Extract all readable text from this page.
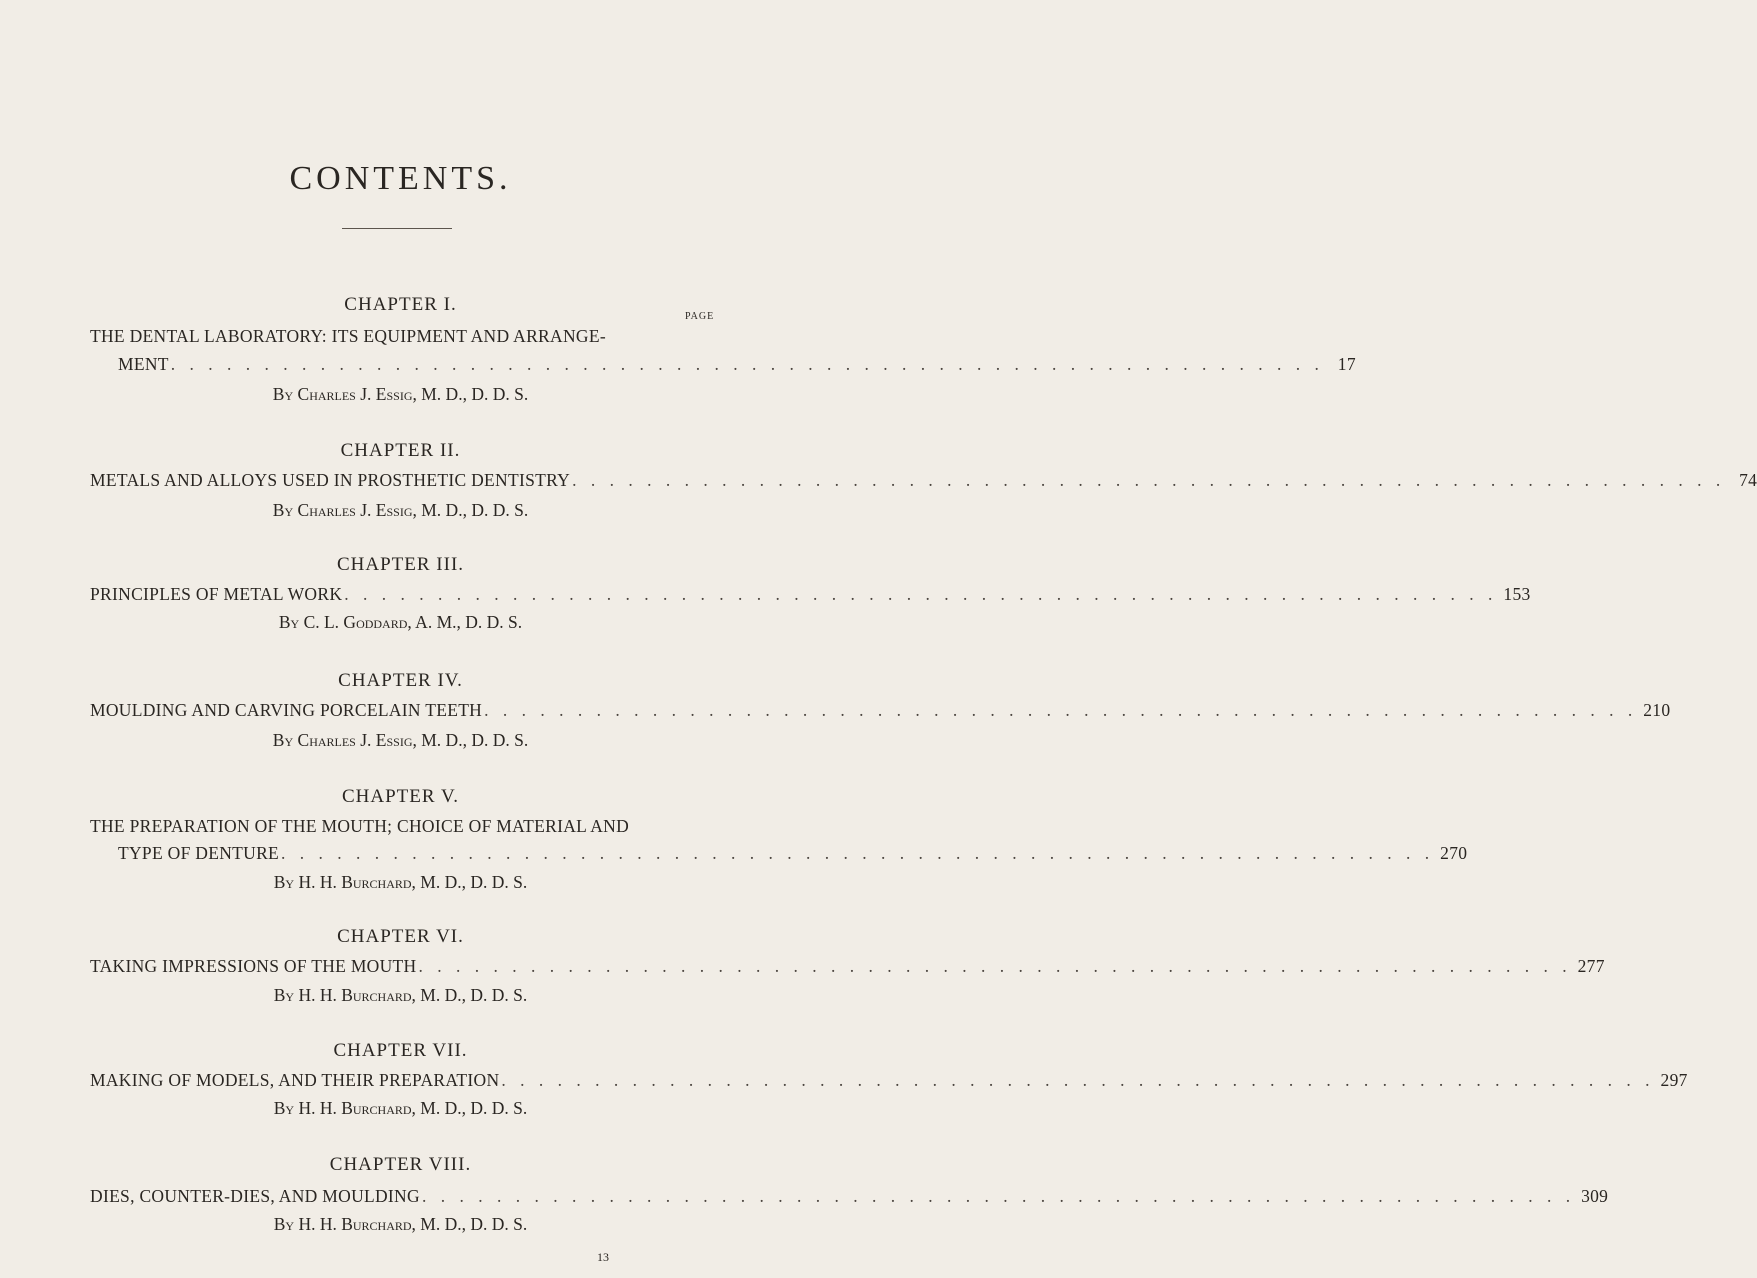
CONTENTS.
PAGE
CHAPTER I.
THE DENTAL LABORATORY: ITS EQUIPMENT AND ARRANGE-
MENT . . . . . . . . . . . . . . . . . . . . . . . . . . . . . . . . . . . . . . . . . . . . . . . . . . . . . . . . . . . . . . 17
By Charles J. Essig, M. D., D. D. S.
CHAPTER II.
METALS AND ALLOYS USED IN PROSTHETIC DENTISTRY . . . . . . . . . . . . . . . . . . . . . . . . . . . . . . . . . . . . . . . . . . . . . . . . . . . . . . . . . . . . . . 74
By Charles J. Essig, M. D., D. D. S.
CHAPTER III.
PRINCIPLES OF METAL WORK . . . . . . . . . . . . . . . . . . . . . . . . . . . . . . . . . . . . . . . . . . . . . . . . . . . . . . . . . . . . . . 153
By C. L. Goddard, A. M., D. D. S.
CHAPTER IV.
MOULDING AND CARVING PORCELAIN TEETH . . . . . . . . . . . . . . . . . . . . . . . . . . . . . . . . . . . . . . . . . . . . . . . . . . . . . . . . . . . . . . 210
By Charles J. Essig, M. D., D. D. S.
CHAPTER V.
THE PREPARATION OF THE MOUTH; CHOICE OF MATERIAL AND
TYPE OF DENTURE . . . . . . . . . . . . . . . . . . . . . . . . . . . . . . . . . . . . . . . . . . . . . . . . . . . . . . . . . . . . . . 270
By H. H. Burchard, M. D., D. D. S.
CHAPTER VI.
TAKING IMPRESSIONS OF THE MOUTH . . . . . . . . . . . . . . . . . . . . . . . . . . . . . . . . . . . . . . . . . . . . . . . . . . . . . . . . . . . . . . 277
By H. H. Burchard, M. D., D. D. S.
CHAPTER VII.
MAKING OF MODELS, AND THEIR PREPARATION . . . . . . . . . . . . . . . . . . . . . . . . . . . . . . . . . . . . . . . . . . . . . . . . . . . . . . . . . . . . . . 297
By H. H. Burchard, M. D., D. D. S.
CHAPTER VIII.
DIES, COUNTER-DIES, AND MOULDING . . . . . . . . . . . . . . . . . . . . . . . . . . . . . . . . . . . . . . . . . . . . . . . . . . . . . . . . . . . . . . 309
By H. H. Burchard, M. D., D. D. S.
13
